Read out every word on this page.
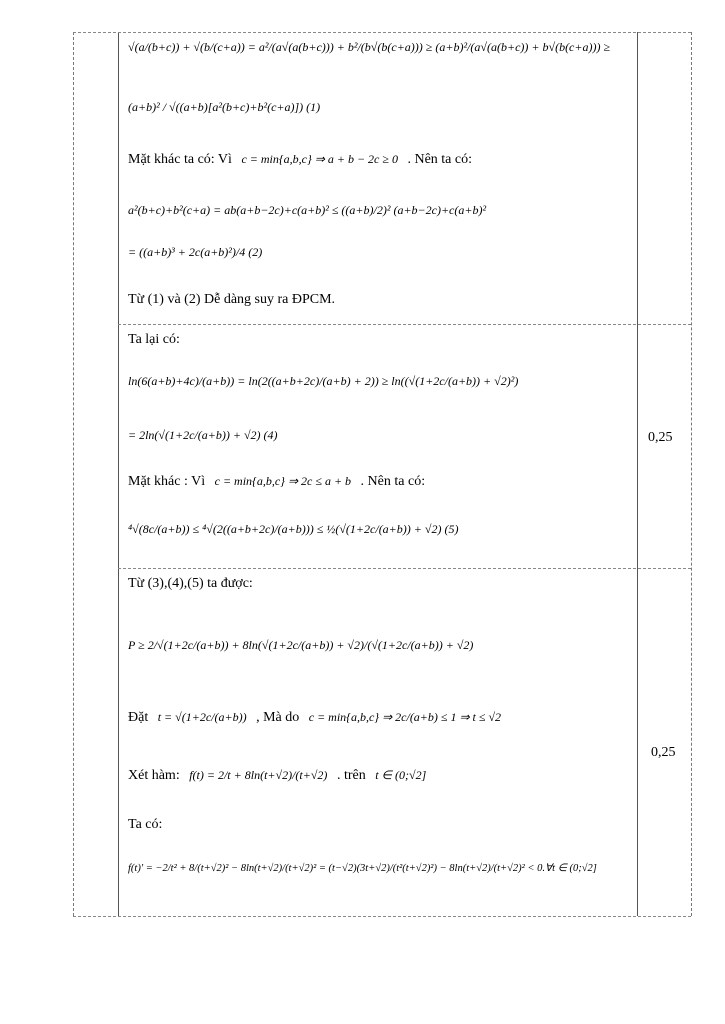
√(a/(b+c)) + √(b/(c+a)) = a²/(a√(a(b+c))) + b²/(b√(b(c+a))) ≥ (a+b)²/(a√(a(b+c)) + b√(b(c+a))) ≥
(a+b)² / √((a+b)[a²(b+c)+b²(c+a)]) (1)
Mặt khác ta có: Vì c = min{a,b,c} ⇒ a + b − 2c ≥ 0 . Nên ta có:
a²(b+c)+b²(c+a) = ab(a+b−2c)+c(a+b)² ≤ ((a+b)/2)² (a+b−2c)+c(a+b)²
= ((a+b)³ + 2c(a+b)²)/4 (2)
Từ (1) và (2) Dễ dàng suy ra ĐPCM.
Ta lại có:
ln(6(a+b)+4c)/(a+b)) = ln(2((a+b+2c)/(a+b) + 2)) ≥ ln((√(1+2c/(a+b)) + √2)²)
= 2ln(√(1+2c/(a+b)) + √2) (4)
Mặt khác : Vì c = min{a,b,c} ⇒ 2c ≤ a + b . Nên ta có:
⁴√(8c/(a+b)) ≤ ⁴√(2((a+b+2c)/(a+b))) ≤ ½(√(1+2c/(a+b)) + √2) (5)
0,25
Từ (3),(4),(5) ta được:
P ≥ 2/√(1+2c/(a+b)) + 8ln(√(1+2c/(a+b)) + √2)/(√(1+2c/(a+b)) + √2)
Đặt t = √(1+2c/(a+b)) , Mà do c = min{a,b,c} ⇒ 2c/(a+b) ≤ 1 ⇒ t ≤ √2
Xét hàm: f(t) = 2/t + 8ln(t+√2)/(t+√2) . trên t ∈ (0;√2]
Ta có:
f(t)' = −2/t² + 8/(t+√2)² − 8ln(t+√2)/(t+√2)² = (t−√2)(3t+√2)/(t²(t+√2)²) − 8ln(t+√2)/(t+√2)² < 0.∀t ∈ (0;√2]
0,25
